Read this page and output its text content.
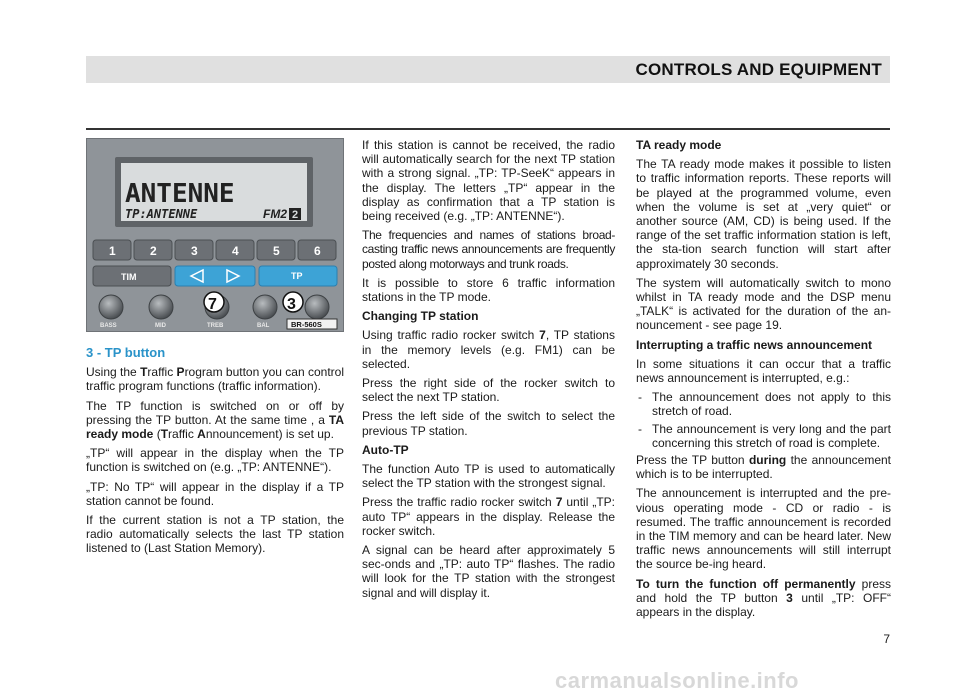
CONTROLS AND EQUIPMENT
ANTENNE
TP:ANTENNE	FM2 2
1	2	3	4	5	6
TIM	TP
BASS	MID	TREB	BAL	BR-560S
7	3

3 - TP button

Using the Traffic Program button you can control traffic program functions (traffic information).

The TP function is switched on or off by pressing the TP button. At the same time , a TA ready mode (Traffic Announcement) is set up.

„TP“ will appear in the display when the TP function is switched on (e.g. „TP: ANTENNE“).

„TP: No TP“ will appear in the display if a TP station cannot be found.

If the current station is not a TP station, the radio automatically selects the last TP station listened to (Last Station Memory).

If this station is cannot be received, the radio will automatically search for the next TP station with a strong signal. „TP: TP-SeeK“ appears in the display. The letters „TP“ appear in the display as confirmation that a TP station is being received (e.g. „TP: ANTENNE“).

The frequencies and names of stations broad-casting traffic news announcements are frequently posted along motorways and trunk roads.

It is possible to store 6 traffic information stations in the TP mode.

Changing TP station

Using traffic radio rocker switch 7, TP stations in the memory levels (e.g. FM1) can be selected.

Press the right side of the rocker switch to select the next TP station.

Press the left side of the switch to select the previous TP station.

Auto-TP

The function Auto TP is used to automatically select the TP station with the strongest signal.

Press the traffic radio rocker switch 7 until „TP: auto TP“ appears in the display. Release the rocker switch.

A signal can be heard after approximately 5 sec-onds and „TP: auto TP“ flashes. The radio will look for the TP station with the strongest signal and will display it.

TA ready mode

The TA ready mode makes it possible to listen to traffic information reports. These reports will be played at the programmed volume, even when the volume is set at „very quiet“ or another source (AM, CD) is being used. If the range of the set traffic information station is left, the sta-tion search function will start after approximately 30 seconds.

The system will automatically switch to mono whilst in TA ready mode and the DSP menu „TALK“ is activated for the duration of the an-nouncement - see page 19.

Interrupting a traffic news announcement

In some situations it can occur that a traffic news announcement is interrupted, e.g.:

- The announcement does not apply to this stretch of road.
- The announcement is very long and the part concerning this stretch of road is complete.

Press the TP button during the announcement which is to be interrupted.

The announcement is interrupted and the pre-vious operating mode - CD or radio - is resumed. The traffic announcement is recorded in the TIM memory and can be heard later. New traffic news announcements will still interrupt the source be-ing heard.

To turn the function off permanently press and hold the TP button 3 until „TP: OFF“ appears in the display.

7
carmanualsonline.info
